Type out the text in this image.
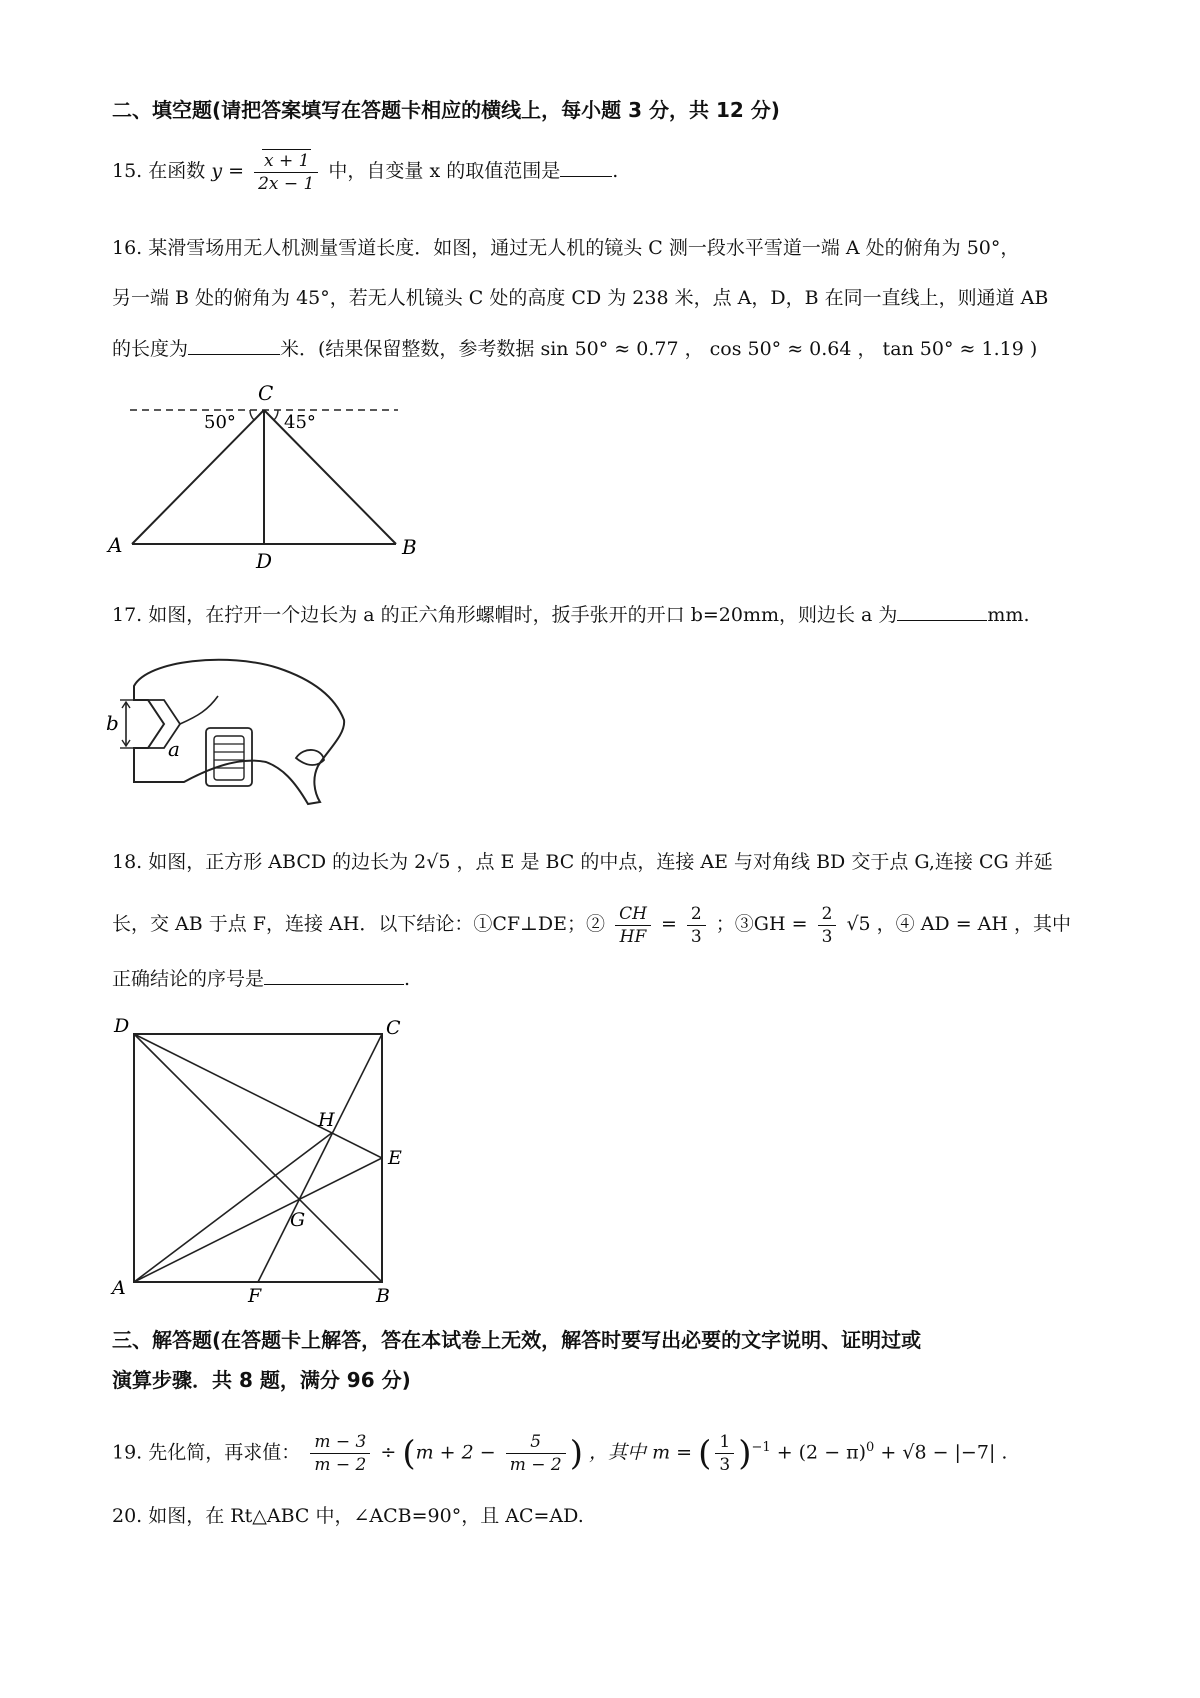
二、填空题(请把答案填写在答题卡相应的横线上，每小题 3 分，共 12 分)
15. 在函数 $y = \frac{x + 1}{2x - 1}$ 中，自变量 x 的取值范围是	.
16. 某滑雪场用无人机测量雪道长度．如图，通过无人机的镜头 C 测一段水平雪道一端 A 处的俯角为 50°，
另一端 B 处的俯角为 45°，若无人机镜头 C 处的高度 CD 为 238 米，点 A，D，B 在同一直线上，则通道 AB
的长度为	米．(结果保留整数，参考数据 sin 50° ≈ 0.77 ， cos 50° ≈ 0.64 ， tan 50° ≈ 1.19 )
C
50°	45°
A	B
D
17. 如图，在拧开一个边长为 a 的正六角形螺帽时，扳手张开的开口 b=20mm，则边长 a 为	mm.
b
a
18. 如图，正方形 ABCD 的边长为 2√5 ，点 E 是 BC 的中点，连接 AE 与对角线 BD 交于点 G,连接 CG 并延
长，交 AB 于点 F，连接 AH．以下结论：①CF⊥DE；② $\frac{CH}{HF} = \frac{2}{3}$ ；③GH = $\frac{2}{3} √5$ ，④ AD = AH ，其中
正确结论的序号是	.
D	C
E
A	B
F
G
H
三、解答题(在答题卡上解答，答在本试卷上无效，解答时要写出必要的文字说明、证明过或
演算步骤．共 8 题，满分 96 分)
19. 先化简，再求值： $\frac{m - 3}{m - 2} \div (m + 2 - \frac{5}{m - 2}$ ) ，其中 m = ( $\frac{1}{3} )^{-1} + (2 - \pi)^0 + √8 - |-7|$ .
20. 如图，在 Rt△ABC 中，∠ACB=90°，且 AC=AD.
